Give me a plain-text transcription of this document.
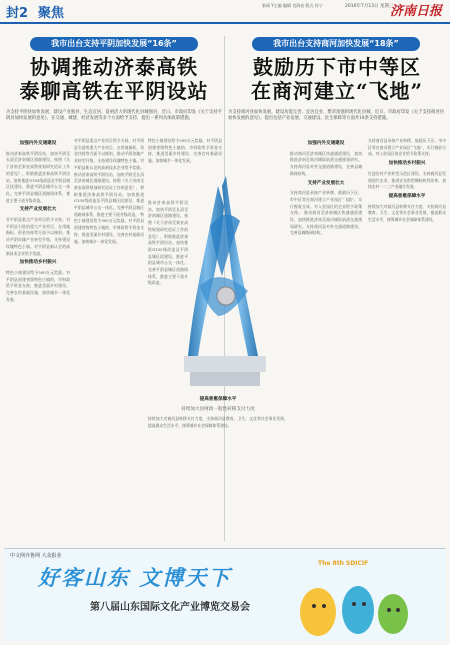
封2 聚焦
新闻 Y主编 编辑 肖海亮 版式 孙宁	2016年7月13日 星期三
济南日报
我市出台支持平阴加快发展“16条”
协调推动济泰高铁
泰聊高铁在平阴设站
为支持平阴县加快发展，建设产业强县、生态宜居、富裕活力的现代化县城强县，近日，市政府印发《关于支持平阴县加快发展的意见》，在交通、城建、经济发展等多个方面给予支持，提出一系列具体政策措施。
加强内外交通建设
推动济泰高铁平阴设站，加快平阴至长清至济南城区道路建设。按照《关于济南至泰安高铁规划研究论证工作的意见》，积极推进济泰高铁平阴设站。加快推进G105线改造及平阴县城区段建设，推进平阴县城市公交一体化。完善平阴县城区道路网体系，推进主要干道升级改造。
支持产业发展壮大
对平阴县重点产业项目给予支持。对平阴县引进的重大产业项目，在用地指标、资金扶持等方面予以倾斜。推动平阴玫瑰产业转型升级，支持建设玫瑰特色小镇。对平阴县新认定的高新技术企业给予奖励。
加快推动乡村振兴
特色小镇建设给予500万元奖励。对平阴县创建省级特色小镇的，市财政给予资金支持，推进美丽乡村建设，完善农村基础设施，加快城乡一体化发展。
对平阴县重点产业项目给予支持。对平阴县引进的重大产业项目，在用地指标、资金扶持等方面予以倾斜。推动平阴玫瑰产业转型升级，支持建设玫瑰特色小镇。对平阴县新认定的高新技术企业给予奖励。 推动济泰高铁平阴设站，加快平阴至长清至济南城区道路建设。按照《关于济南至泰安高铁规划研究论证工作的意见》，积极推进济泰高铁平阴设站。加快推进G105线改造及平阴县城区段建设，推进平阴县城市公交一体化。完善平阴县城区道路网体系，推进主要干道升级改造。 特色小镇建设给予500万元奖励。对平阴县创建省级特色小镇的，市财政给予资金支持，推进美丽乡村建设，完善农村基础设施，加快城乡一体化发展。
特色小镇建设给予500万元奖励。对平阴县创建省级特色小镇的，市财政给予资金支持，推进美丽乡村建设，完善农村基础设施，加快城乡一体化发展。
我市出台支持商河加快发展“18条”
鼓励历下市中等区
在商河建立“飞地”
为支持商河县加快发展，建设功能完善、宜居宜业、繁荣富强的现代化县城，近日，市政府印发《关于支持商河县加快发展的意见》，提出包括产业发展、交通建设、民生保障等方面共18条支持措施。
加强内外交通建设
推动商河至济南城区快速通道建设，加快推进济南至商河城际轨道交通规划研究。支持商河县对外交通道路建设，完善县域路网结构。
支持产业发展壮大
支持商河县承接产业转移，鼓励历下区、市中区等在商河建立产业园区“飞地”，实行税收分成。对入驻园区的企业给予政策支持。 推动商河至济南城区快速通道建设，加快推进济南至商河城际轨道交通规划研究。支持商河县对外交通道路建设，完善县域路网结构。
支持商河县承接产业转移，鼓励历下区、市中区等在商河建立产业园区“飞地”，实行税收分成。对入驻园区的企业给予政策支持。
加快推动乡村振兴
打造农村产业转型示范区建设，支持商河县发展现代农业，推进农业供给侧结构性改革，加快农村一二三产业融合发展。
提高普惠保障水平
持续加大对商河县转移支付力度，支持商河县教育、卫生、文化等社会事业发展，提高群众生活水平，统筹城乡社会保障体系建设。
推动济泰高铁平阴设站，加快平阴至长清至济南城区道路建设。按照《关于济南至泰安高铁规划研究论证工作的意见》，积极推进济泰高铁平阴设站。加快推进G105线改造及平阴县城区段建设，推进平阴县城市公交一体化。完善平阴县城区道路网体系，推进主要干道升级改造。
提高普惠保障水平
持续加大县财政一般性转移支付力度
持续加大对商河县转移支付力度，支持商河县教育、卫生、文化等社会事业发展，提高群众生活水平，统筹城乡社会保障体系建设。
中文网齐鲁网 大众报业
好客山东 文博天下
第八届山东国际文化产业博览交易会
The 8th SDICIF
